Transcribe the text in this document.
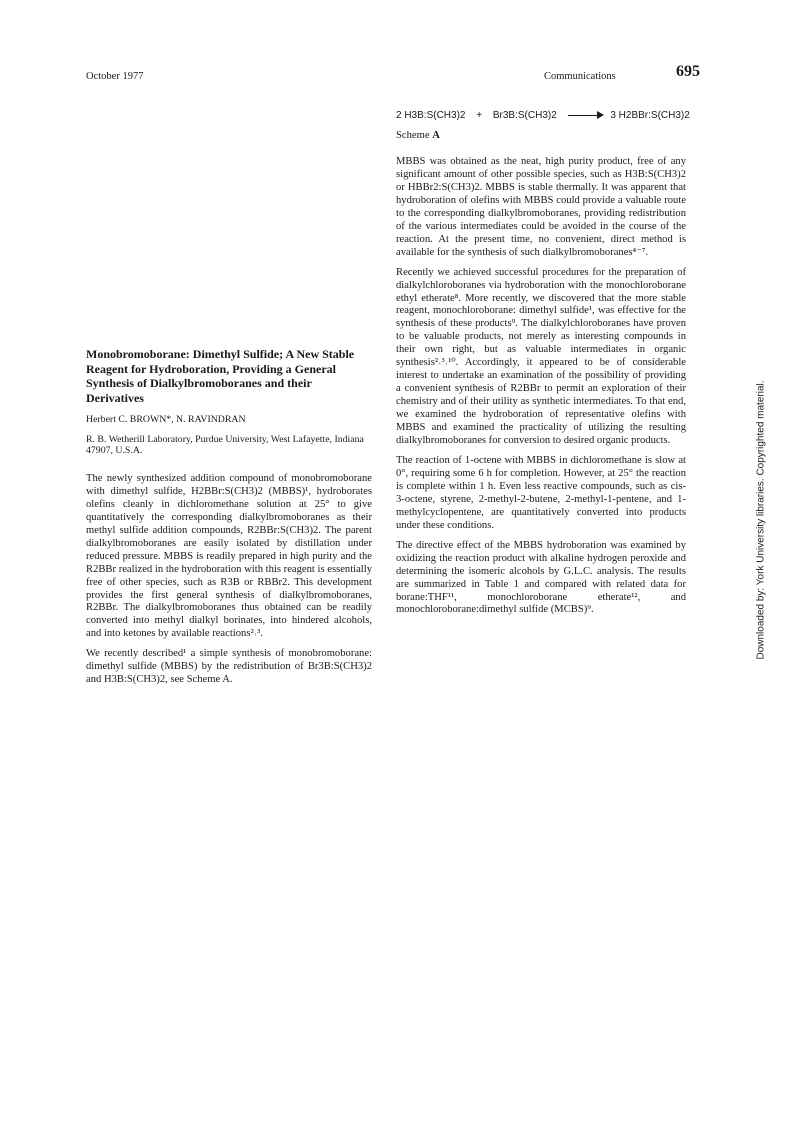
October 1977	Communications	695
2 H3B:S(CH3)2 + Br3B:S(CH3)2 → 3 H2BBr:S(CH3)2
Scheme A
Monobromoborane: Dimethyl Sulfide; A New Stable Reagent for Hydroboration, Providing a General Synthesis of Dialkylbromoboranes and their Derivatives
Herbert C. BROWN*, N. RAVINDRAN
R. B. Wetherill Laboratory, Purdue University, West Lafayette, Indiana 47907, U.S.A.

The newly synthesized addition compound of monobromoborane with dimethyl sulfide, H2BBr:S(CH3)2 (MBBS)¹, hydroborates olefins cleanly in dichloromethane solution at 25° to give quantitatively the corresponding dialkylbromoboranes as their methyl sulfide addition compounds, R2BBr:S(CH3)2. The parent dialkylbromoboranes are easily isolated by distillation under reduced pressure. MBBS is readily prepared in high purity and the R2BBr realized in the hydroboration with this reagent is essentially free of other species, such as R3B or RBBr2. This development provides the first general synthesis of dialkylbromoboranes, R2BBr. The dialkylbromoboranes thus obtained can be readily converted into methyl dialkyl borinates, into hindered alcohols, and into ketones by available reactions²˒³.

We recently described¹ a simple synthesis of monobromoborane: dimethyl sulfide (MBBS) by the redistribution of Br3B:S(CH3)2 and H3B:S(CH3)2, see Scheme A.

MBBS was obtained as the neat, high purity product, free of any significant amount of other possible species, such as H3B:S(CH3)2 or HBBr2:S(CH3)2. MBBS is stable thermally. It was apparent that hydroboration of olefins with MBBS could provide a valuable route to the corresponding dialkylbromoboranes, providing redistribution of the various intermediates could be avoided in the course of the reaction. At the present time, no convenient, direct method is available for the synthesis of such dialkylbromoboranes⁴⁻⁷.

Recently we achieved successful procedures for the preparation of dialkylchloroboranes via hydroboration with the monochloroborane ethyl etherate⁸. More recently, we discovered that the more stable reagent, monochloroborane: dimethyl sulfide¹, was effective for the synthesis of these products⁹. The dialkylchloroboranes have proven to be valuable products, not merely as interesting compounds in their own right, but as valuable intermediates in organic synthesis²˒³˒¹⁰. Accordingly, it appeared to be of considerable interest to undertake an examination of the possibility of providing a convenient synthesis of R2BBr to permit an exploration of their chemistry and of their utility as synthetic intermediates. To that end, we examined the hydroboration of representative olefins with MBBS and examined the practicality of utilizing the resulting dialkylbromoboranes for conversion to desired organic products.

The reaction of 1-octene with MBBS in dichloromethane is slow at 0°, requiring some 6 h for completion. However, at 25° the reaction is complete within 1 h. Even less reactive compounds, such as cis-3-octene, styrene, 2-methyl-2-butene, 2-methyl-1-pentene, and 1-methylcyclopentene, are quantitatively converted into products under these conditions.

The directive effect of the MBBS hydroboration was examined by oxidizing the reaction product with alkaline hydrogen peroxide and determining the isomeric alcohols by G.L.C. analysis. The results are summarized in Table 1 and compared with related data for borane:THF¹¹, monochloroborane etherate¹², and monochloroborane:dimethyl sulfide (MCBS)⁹.	Downloaded by: York University libraries. Copyrighted material.
